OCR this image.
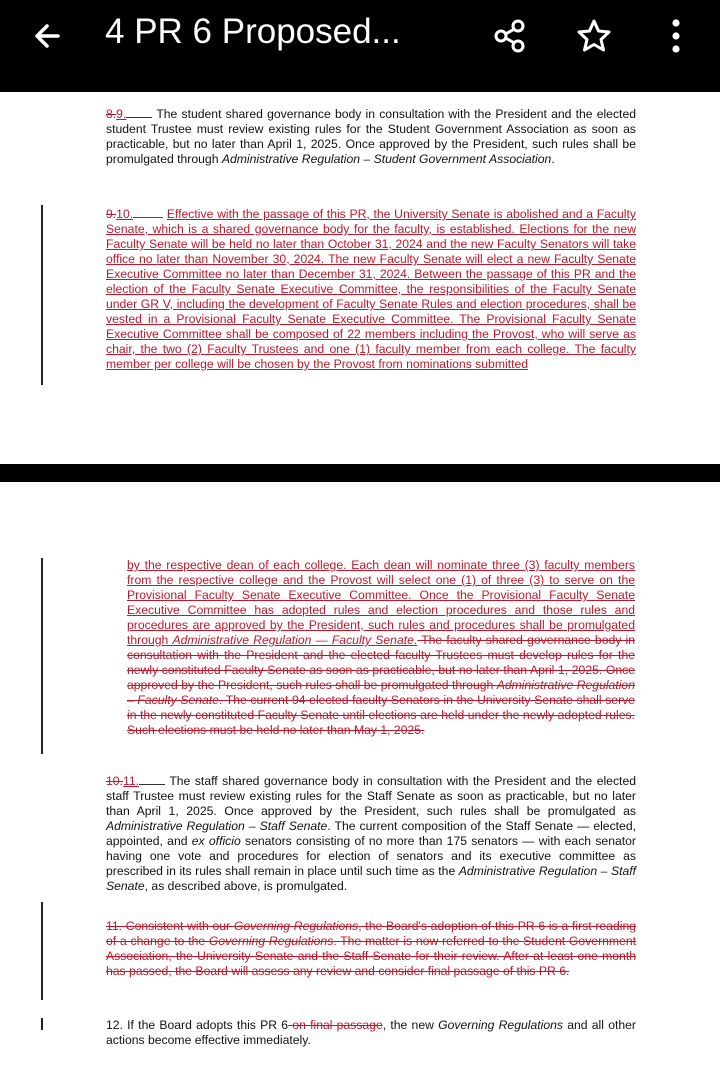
4 PR 6 Proposed...
8.9. The student shared governance body in consultation with the President and the elected student Trustee must review existing rules for the Student Government Association as soon as practicable, but no later than April 1, 2025. Once approved by the President, such rules shall be promulgated through Administrative Regulation – Student Government Association.
9.10.	Effective with the passage of this PR, the University Senate is abolished and a Faculty Senate, which is a shared governance body for the faculty, is established. Elections for the new Faculty Senate will be held no later than October 31, 2024 and the new Faculty Senators will take office no later than November 30, 2024. The new Faculty Senate will elect a new Faculty Senate Executive Committee no later than December 31, 2024. Between the passage of this PR and the election of the Faculty Senate Executive Committee, the responsibilities of the Faculty Senate under GR V, including the development of Faculty Senate Rules and election procedures, shall be vested in a Provisional Faculty Senate Executive Committee. The Provisional Faculty Senate Executive Committee shall be composed of 22 members including the Provost, who will serve as chair, the two (2) Faculty Trustees and one (1) faculty member from each college. The faculty member per college will be chosen by the Provost from nominations submitted
by the respective dean of each college. Each dean will nominate three (3) faculty members from the respective college and the Provost will select one (1) of three (3) to serve on the Provisional Faculty Senate Executive Committee. Once the Provisional Faculty Senate Executive Committee has adopted rules and election procedures and those rules and procedures are approved by the President, such rules and procedures shall be promulgated through Administrative Regulation — Faculty Senate. The faculty shared governance body in consultation with the President and the elected faculty Trustees must develop rules for the newly constituted Faculty Senate as soon as practicable, but no later than April 1, 2025. Once approved by the President, such rules shall be promulgated through Administrative Regulation – Faculty Senate. The current 94 elected faculty Senators in the University Senate shall serve in the newly constituted Faculty Senate until elections are held under the newly adopted rules. Such elections must be held no later than May 1, 2025.
10.11. The staff shared governance body in consultation with the President and the elected staff Trustee must review existing rules for the Staff Senate as soon as practicable, but no later than April 1, 2025. Once approved by the President, such rules shall be promulgated as Administrative Regulation – Staff Senate. The current composition of the Staff Senate — elected, appointed, and ex officio senators consisting of no more than 175 senators — with each senator having one vote and procedures for election of senators and its executive committee as prescribed in its rules shall remain in place until such time as the Administrative Regulation – Staff Senate, as described above, is promulgated.
11. Consistent with our Governing Regulations, the Board's adoption of this PR 6 is a first reading of a change to the Governing Regulations. The matter is now referred to the Student Government Association, the University Senate and the Staff Senate for their review. After at least one month has passed, the Board will assess any review and consider final passage of this PR 6.
12. If the Board adopts this PR 6 on final passage, the new Governing Regulations and all other actions become effective immediately.
